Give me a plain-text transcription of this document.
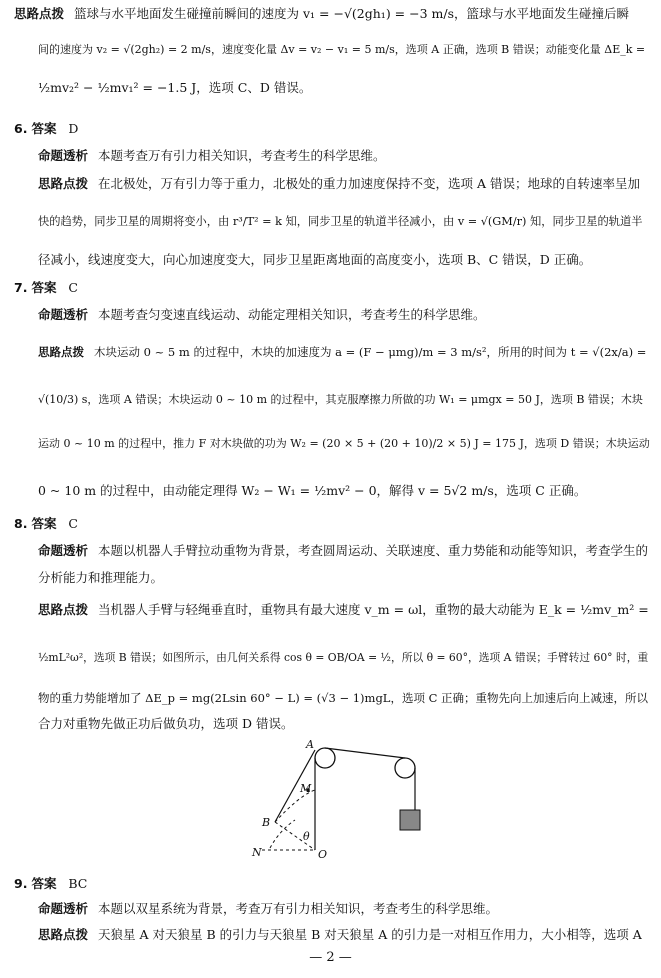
思路点拨 篮球与水平地面发生碰撞前瞬间的速度为 v₁ = −√(2gh₁) = −3 m/s，篮球与水平地面发生碰撞后瞬
间的速度为 v₂ = √(2gh₂) = 2 m/s，速度变化量 Δv = v₂ − v₁ = 5 m/s，选项 A 正确，选项 B 错误；动能变化量 ΔE_k =
½mv₂² − ½mv₁² = −1.5 J，选项 C、D 错误。
6. 答案 D
命题透析 本题考查万有引力相关知识，考查考生的科学思维。
思路点拨 在北极处，万有引力等于重力，北极处的重力加速度保持不变，选项 A 错误；地球的自转速率呈加
快的趋势，同步卫星的周期将变小，由 r³/T² = k 知，同步卫星的轨道半径减小，由 v = √(GM/r) 知，同步卫星的轨道半
径减小，线速度变大，向心加速度变大，同步卫星距离地面的高度变小，选项 B、C 错误，D 正确。
7. 答案 C
命题透析 本题考查匀变速直线运动、动能定理相关知识，考查考生的科学思维。
思路点拨 木块运动 0 ~ 5 m 的过程中，木块的加速度为 a = (F − μmg)/m = 3 m/s²，所用的时间为 t = √(2x/a) =
√(10/3) s，选项 A 错误；木块运动 0 ~ 10 m 的过程中，其克服摩擦力所做的功 W₁ = μmgx = 50 J，选项 B 错误；木块
运动 0 ~ 10 m 的过程中，推力 F 对木块做的功为 W₂ = (20 × 5 + (20 + 10)/2 × 5) J = 175 J，选项 D 错误；木块运动
0 ~ 10 m 的过程中，由动能定理得 W₂ − W₁ = ½mv² − 0，解得 v = 5√2 m/s，选项 C 正确。
8. 答案 C
命题透析 本题以机器人手臂拉动重物为背景，考查圆周运动、关联速度、重力势能和动能等知识，考查学生的
分析能力和推理能力。
思路点拨 当机器人手臂与轻绳垂直时，重物具有最大速度 v_m = ωl，重物的最大动能为 E_k = ½mv_m² =
½mL²ω²，选项 B 错误；如图所示，由几何关系得 cos θ = OB/OA = ½，所以 θ = 60°，选项 A 错误；手臂转过 60° 时，重
物的重力势能增加了 ΔE_p = mg(2Lsin 60° − L) = (√3 − 1)mgL，选项 C 正确；重物先向上加速后向上减速，所以
合力对重物先做正功后做负功，选项 D 错误。
A
M
B
θ
N	O
9. 答案 BC
命题透析 本题以双星系统为背景，考查万有引力相关知识，考查考生的科学思维。
思路点拨 天狼星 A 对天狼星 B 的引力与天狼星 B 对天狼星 A 的引力是一对相互作用力，大小相等，选项 A
— 2 —
